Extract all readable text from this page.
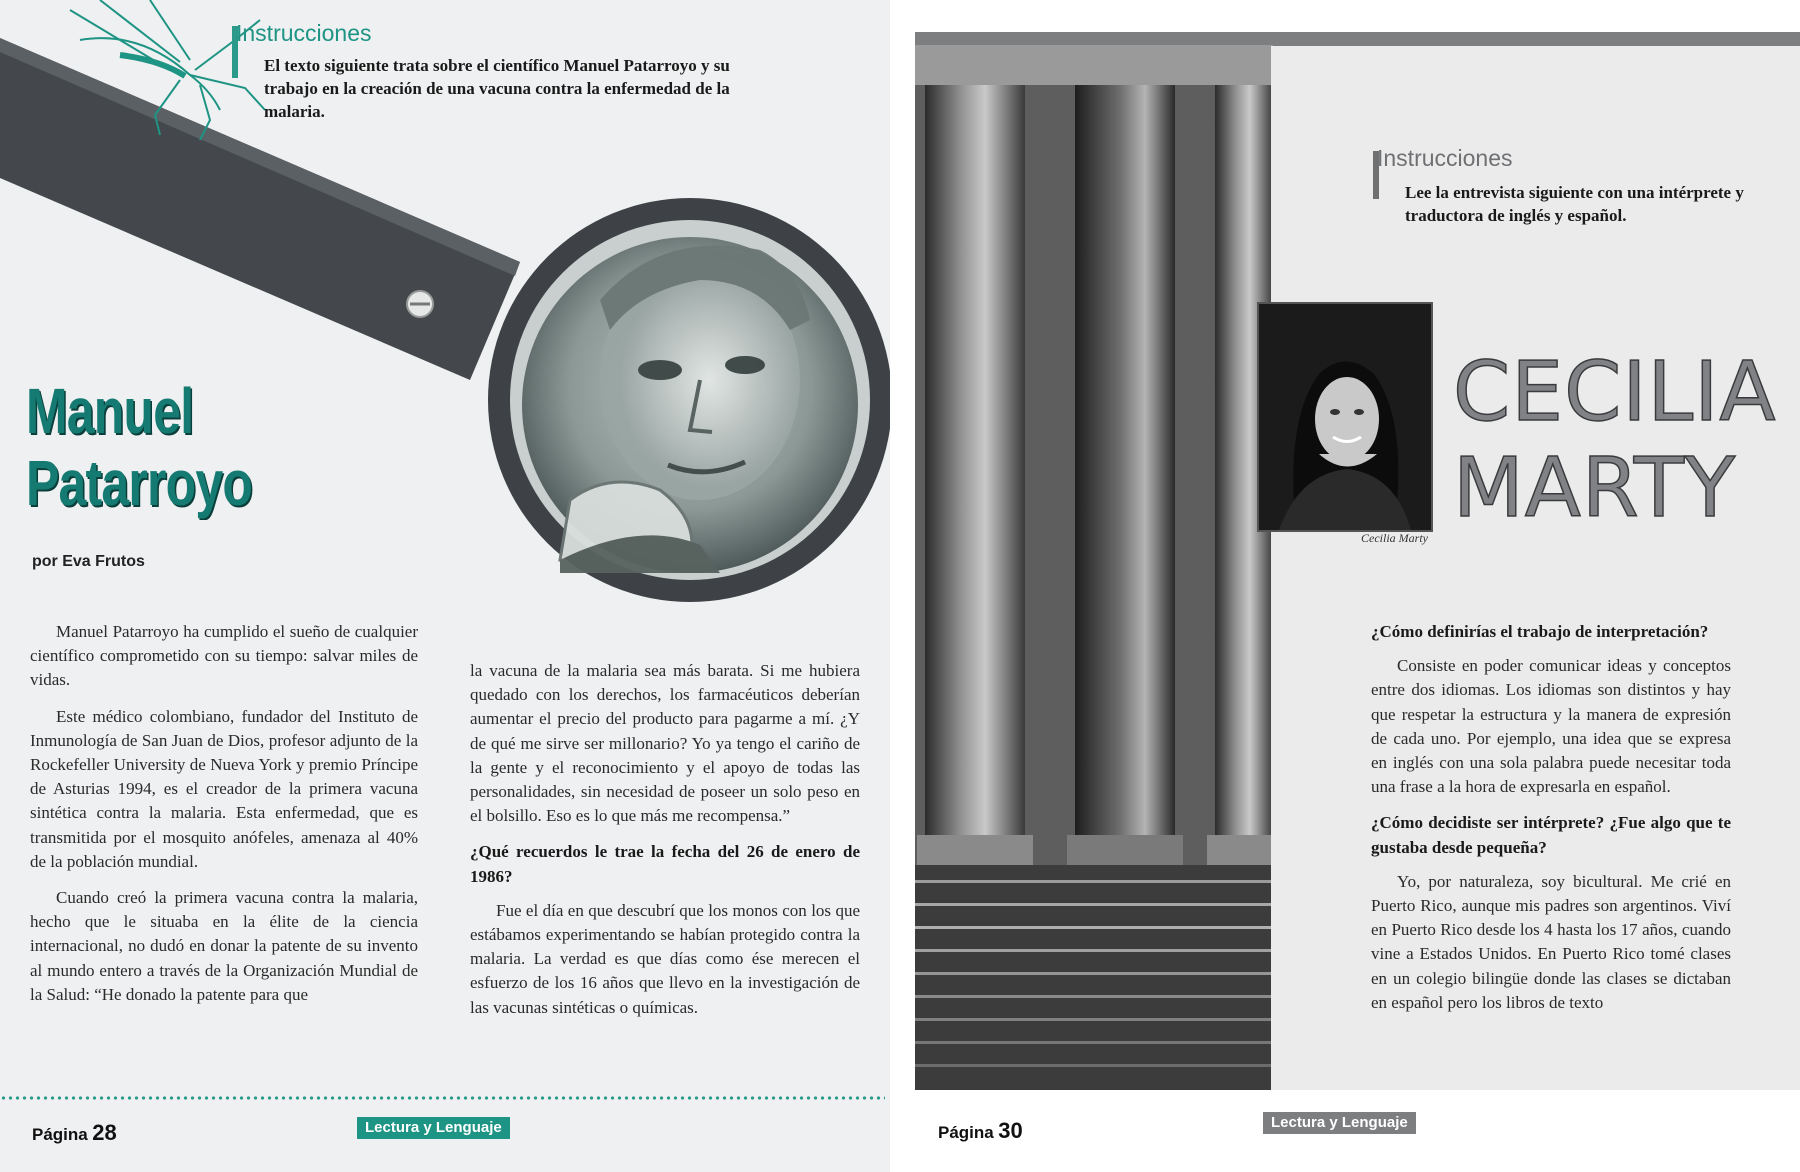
Instrucciones
El texto siguiente trata sobre el científico Manuel Patarroyo y su trabajo en la creación de una vacuna contra la enfermedad de la malaria.
Manuel
Patarroyo
por Eva Frutos

Manuel Patarroyo ha cumplido el sueño de cualquier científico comprometido con su tiempo: salvar miles de vidas.

Este médico colombiano, fundador del Instituto de Inmunología de San Juan de Dios, profesor adjunto de la Rockefeller University de Nueva York y premio Príncipe de Asturias 1994, es el creador de la primera vacuna sintética contra la malaria. Esta enfermedad, que es transmitida por el mosquito anófeles, amenaza al 40% de la población mundial.

Cuando creó la primera vacuna contra la malaria, hecho que le situaba en la élite de la ciencia internacional, no dudó en donar la patente de su invento al mundo entero a través de la Organización Mundial de la Salud: “He donado la patente para que

la vacuna de la malaria sea más barata. Si me hubiera quedado con los derechos, los farmacéuticos deberían aumentar el precio del producto para pagarme a mí. ¿Y de qué me sirve ser millonario? Yo ya tengo el cariño de la gente y el reconocimiento y el apoyo de todas las personalidades, sin necesidad de poseer un solo peso en el bolsillo. Eso es lo que más me recompensa.”

¿Qué recuerdos le trae la fecha del 26 de enero de 1986?

Fue el día en que descubrí que los monos con los que estábamos experimentando se habían protegido contra la malaria. La verdad es que días como ése merecen el esfuerzo de los 16 años que llevo en la investigación de las vacunas sintéticas o químicas.

Página 28	Lectura y Lenguaje
Instrucciones
Lee la entrevista siguiente con una intérprete y traductora de inglés y español.
Cecilia Marty
CECILIA
MARTY

¿Cómo definirías el trabajo de interpretación?

Consiste en poder comunicar ideas y conceptos entre dos idiomas. Los idiomas son distintos y hay que respetar la estructura y la manera de expresión de cada uno. Por ejemplo, una idea que se expresa en inglés con una sola palabra puede necesitar toda una frase a la hora de expresarla en español.

¿Cómo decidiste ser intérprete? ¿Fue algo que te gustaba desde pequeña?

Yo, por naturaleza, soy bicultural. Me crié en Puerto Rico, aunque mis padres son argentinos. Viví en Puerto Rico desde los 4 hasta los 17 años, cuando vine a Estados Unidos. En Puerto Rico tomé clases en un colegio bilingüe donde las clases se dictaban en español pero los libros de texto

Página 30	Lectura y Lenguaje
